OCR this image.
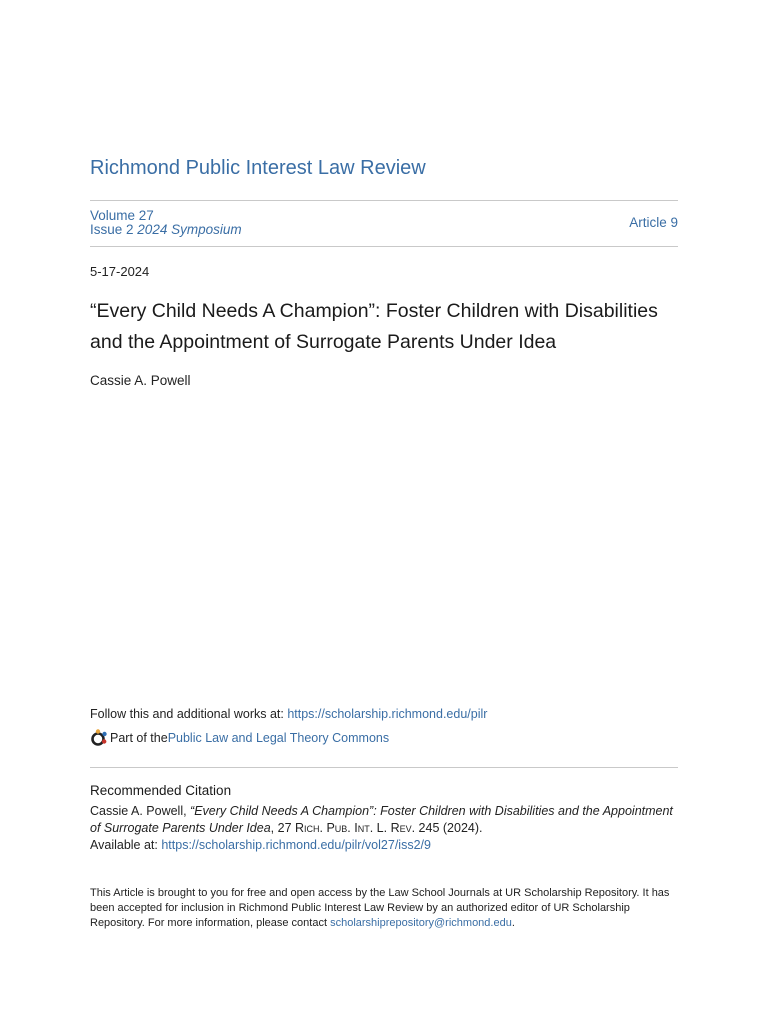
Richmond Public Interest Law Review
Volume 27
Issue 2 2024 Symposium	Article 9
5-17-2024
“Every Child Needs A Champion”: Foster Children with Disabilities and the Appointment of Surrogate Parents Under Idea
Cassie A. Powell
Follow this and additional works at: https://scholarship.richmond.edu/pilr
Part of the Public Law and Legal Theory Commons
Recommended Citation
Cassie A. Powell, “Every Child Needs A Champion”: Foster Children with Disabilities and the Appointment of Surrogate Parents Under Idea, 27 Rich. Pub. Int. L. Rev. 245 (2024).
Available at: https://scholarship.richmond.edu/pilr/vol27/iss2/9
This Article is brought to you for free and open access by the Law School Journals at UR Scholarship Repository. It has been accepted for inclusion in Richmond Public Interest Law Review by an authorized editor of UR Scholarship Repository. For more information, please contact scholarshiprepository@richmond.edu.
